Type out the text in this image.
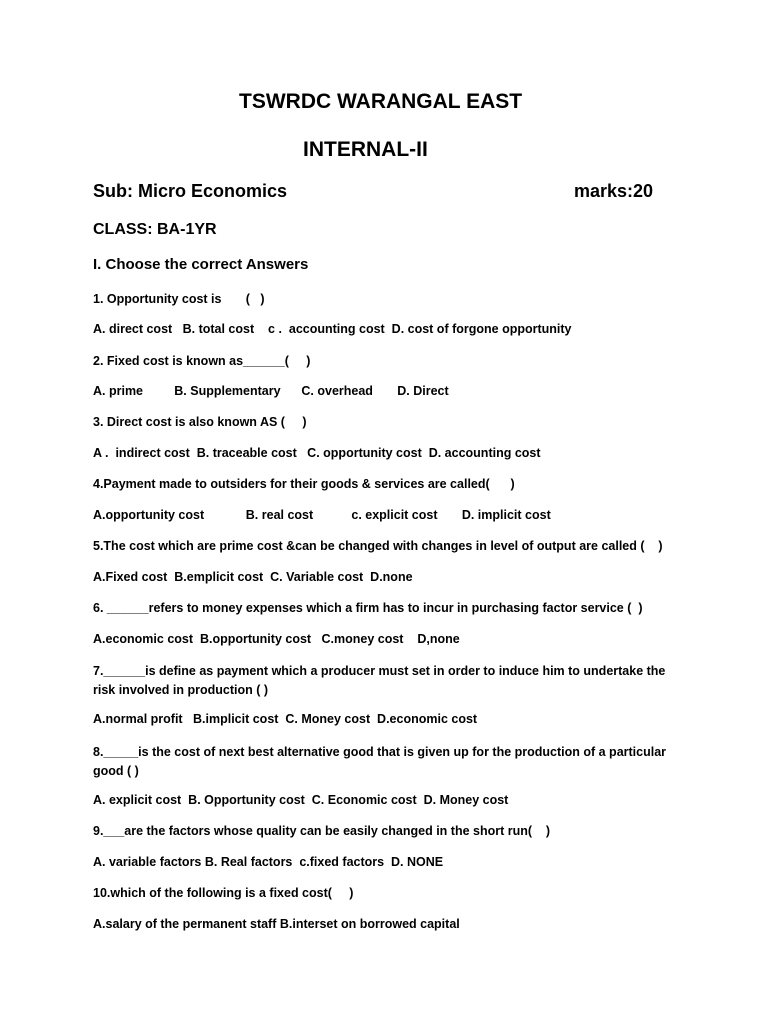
TSWRDC WARANGAL EAST
INTERNAL-II
Sub: Micro Economics	marks:20
CLASS: BA-1YR
I. Choose the correct Answers
1. Opportunity cost is       (   )
A. direct cost   B. total cost    c .  accounting cost  D. cost of forgone opportunity
2. Fixed cost is known as______(     )
A. prime         B. Supplementary      C. overhead       D. Direct
3. Direct cost is also known AS (     )
A .  indirect cost  B. traceable cost   C. opportunity cost  D. accounting cost
4.Payment made to outsiders for their goods & services are called(      )
A.opportunity cost            B. real cost           c. explicit cost       D. implicit cost
5.The cost which are prime cost &can be changed with changes in level of output are called (    )
A.Fixed cost  B.emplicit cost  C. Variable cost  D.none
6. ______refers to money expenses which a firm has to incur in purchasing factor service (  )
A.economic cost  B.opportunity cost   C.money cost    D,none
7.______is define as payment which a producer must set in order to induce him to undertake the risk involved in production ( )
A.normal profit   B.implicit cost  C. Money cost  D.economic cost
8._____is the cost of next best alternative good that is given up for the production of a particular good ( )
A. explicit cost  B. Opportunity cost  C. Economic cost  D. Money cost
9.___are the factors whose quality can be easily changed in the short run(    )
A. variable factors B. Real factors  c.fixed factors  D. NONE
10.which of the following is a fixed cost(     )
A.salary of the permanent staff B.interset on borrowed capital
